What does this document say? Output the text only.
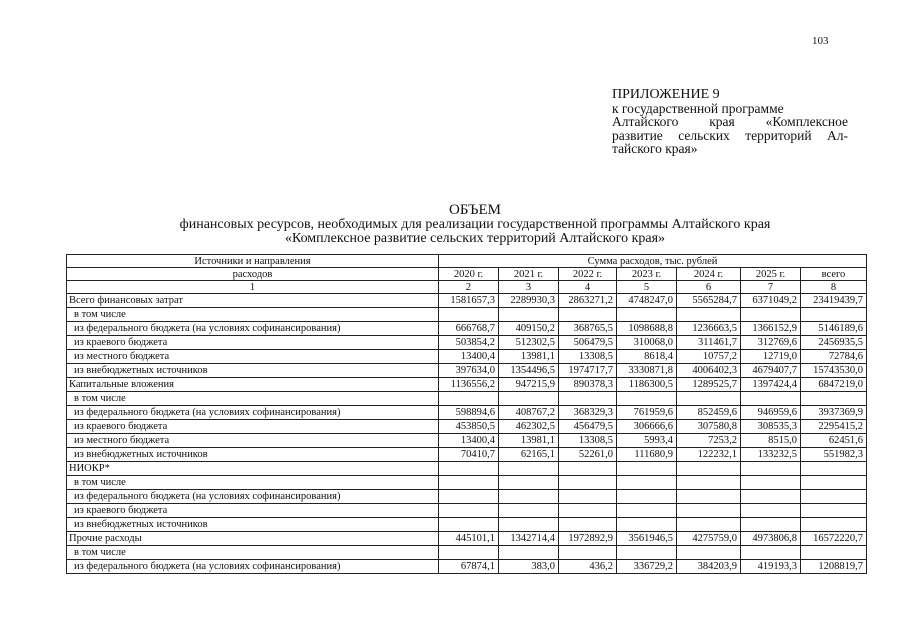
103
ПРИЛОЖЕНИЕ 9
к государственной программе
Алтайского края «Комплексное
развитие сельских территорий Ал-
тайского края»
ОБЪЕМ
финансовых ресурсов, необходимых для реализации государственной программы Алтайского края
«Комплексное развитие сельских территорий Алтайского края»
Источники и направления	Сумма расходов, тыс. рублей						
расходов	2020 г.	2021 г.	2022 г.	2023 г.	2024 г.	2025 г.	всего
1	2	3	4	5	6	7	8
Всего финансовых затрат	1581657,3	2289930,3	2863271,2	4748247,0	5565284,7	6371049,2	23419439,7
в том числе							
из федерального бюджета (на условиях софинансирования)	666768,7	409150,2	368765,5	1098688,8	1236663,5	1366152,9	5146189,6
из краевого бюджета	503854,2	512302,5	506479,5	310068,0	311461,7	312769,6	2456935,5
из местного бюджета	13400,4	13981,1	13308,5	8618,4	10757,2	12719,0	72784,6
из внебюджетных источников	397634,0	1354496,5	1974717,7	3330871,8	4006402,3	4679407,7	15743530,0
Капитальные вложения	1136556,2	947215,9	890378,3	1186300,5	1289525,7	1397424,4	6847219,0
в том числе							
из федерального бюджета (на условиях софинансирования)	598894,6	408767,2	368329,3	761959,6	852459,6	946959,6	3937369,9
из краевого бюджета	453850,5	462302,5	456479,5	306666,6	307580,8	308535,3	2295415,2
из местного бюджета	13400,4	13981,1	13308,5	5993,4	7253,2	8515,0	62451,6
из внебюджетных источников	70410,7	62165,1	52261,0	111680,9	122232,1	133232,5	551982,3
НИОКР*							
в том числе							
из федерального бюджета (на условиях софинансирования)							
из краевого бюджета							
из внебюджетных источников							
Прочие расходы	445101,1	1342714,4	1972892,9	3561946,5	4275759,0	4973806,8	16572220,7
в том числе							
из федерального бюджета (на условиях софинансирования)	67874,1	383,0	436,2	336729,2	384203,9	419193,3	1208819,7
